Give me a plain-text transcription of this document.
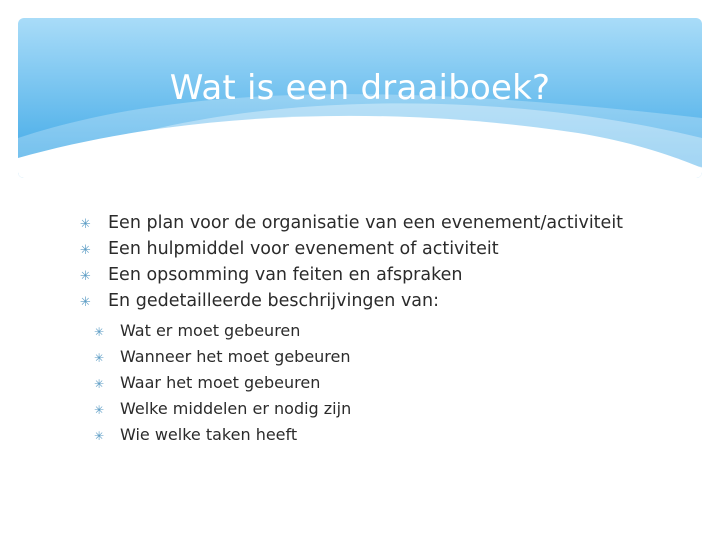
Wat is een draaiboek?
✳ Een plan voor de organisatie van een evenement/activiteit
✳ Een hulpmiddel voor evenement of activiteit
✳ Een opsomming van feiten en afspraken
✳ En gedetailleerde beschrijvingen van:
✳ Wat er moet gebeuren
✳ Wanneer het moet gebeuren
✳ Waar het moet gebeuren
✳ Welke middelen er nodig zijn
✳ Wie welke taken heeft
